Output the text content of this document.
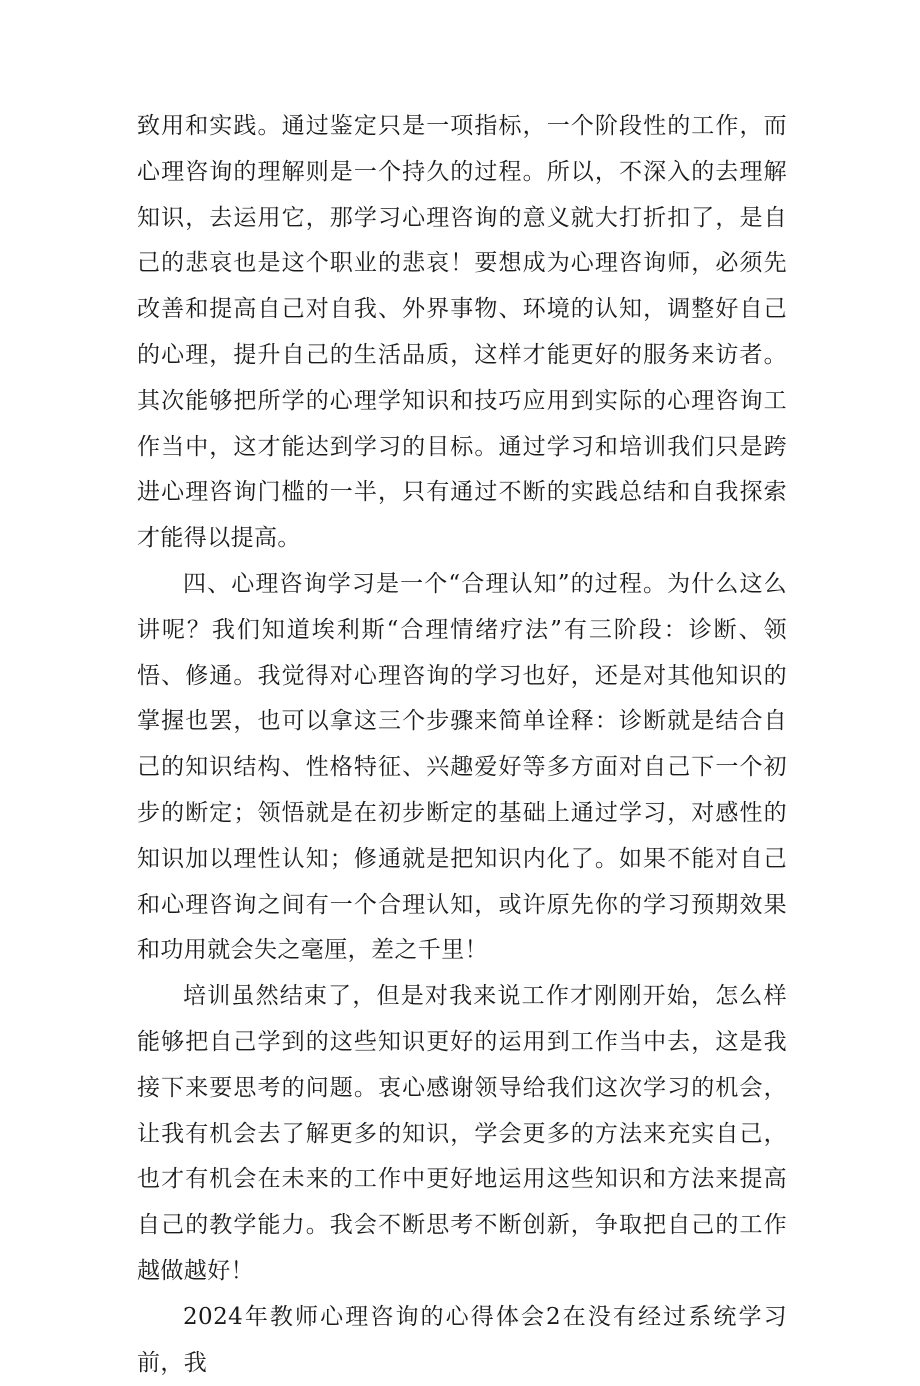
致用和实践。通过鉴定只是一项指标，一个阶段性的工作，而心理咨询的理解则是一个持久的过程。所以，不深入的去理解知识，去运用它，那学习心理咨询的意义就大打折扣了，是自己的悲哀也是这个职业的悲哀！要想成为心理咨询师，必须先改善和提高自己对自我、外界事物、环境的认知，调整好自己的心理，提升自己的生活品质，这样才能更好的服务来访者。其次能够把所学的心理学知识和技巧应用到实际的心理咨询工作当中，这才能达到学习的目标。通过学习和培训我们只是跨进心理咨询门槛的一半，只有通过不断的实践总结和自我探索才能得以提高。

四、心理咨询学习是一个“合理认知”的过程。为什么这么讲呢？我们知道埃利斯“合理情绪疗法”有三阶段：诊断、领悟、修通。我觉得对心理咨询的学习也好，还是对其他知识的掌握也罢，也可以拿这三个步骤来简单诠释：诊断就是结合自己的知识结构、性格特征、兴趣爱好等多方面对自己下一个初步的断定；领悟就是在初步断定的基础上通过学习，对感性的知识加以理性认知；修通就是把知识内化了。如果不能对自己和心理咨询之间有一个合理认知，或许原先你的学习预期效果和功用就会失之毫厘，差之千里！

培训虽然结束了，但是对我来说工作才刚刚开始，怎么样能够把自己学到的这些知识更好的运用到工作当中去，这是我接下来要思考的问题。衷心感谢领导给我们这次学习的机会，让我有机会去了解更多的知识，学会更多的方法来充实自己，也才有机会在未来的工作中更好地运用这些知识和方法来提高自己的教学能力。我会不断思考不断创新，争取把自己的工作越做越好！

2024年教师心理咨询的心得体会2在没有经过系统学习前，我
